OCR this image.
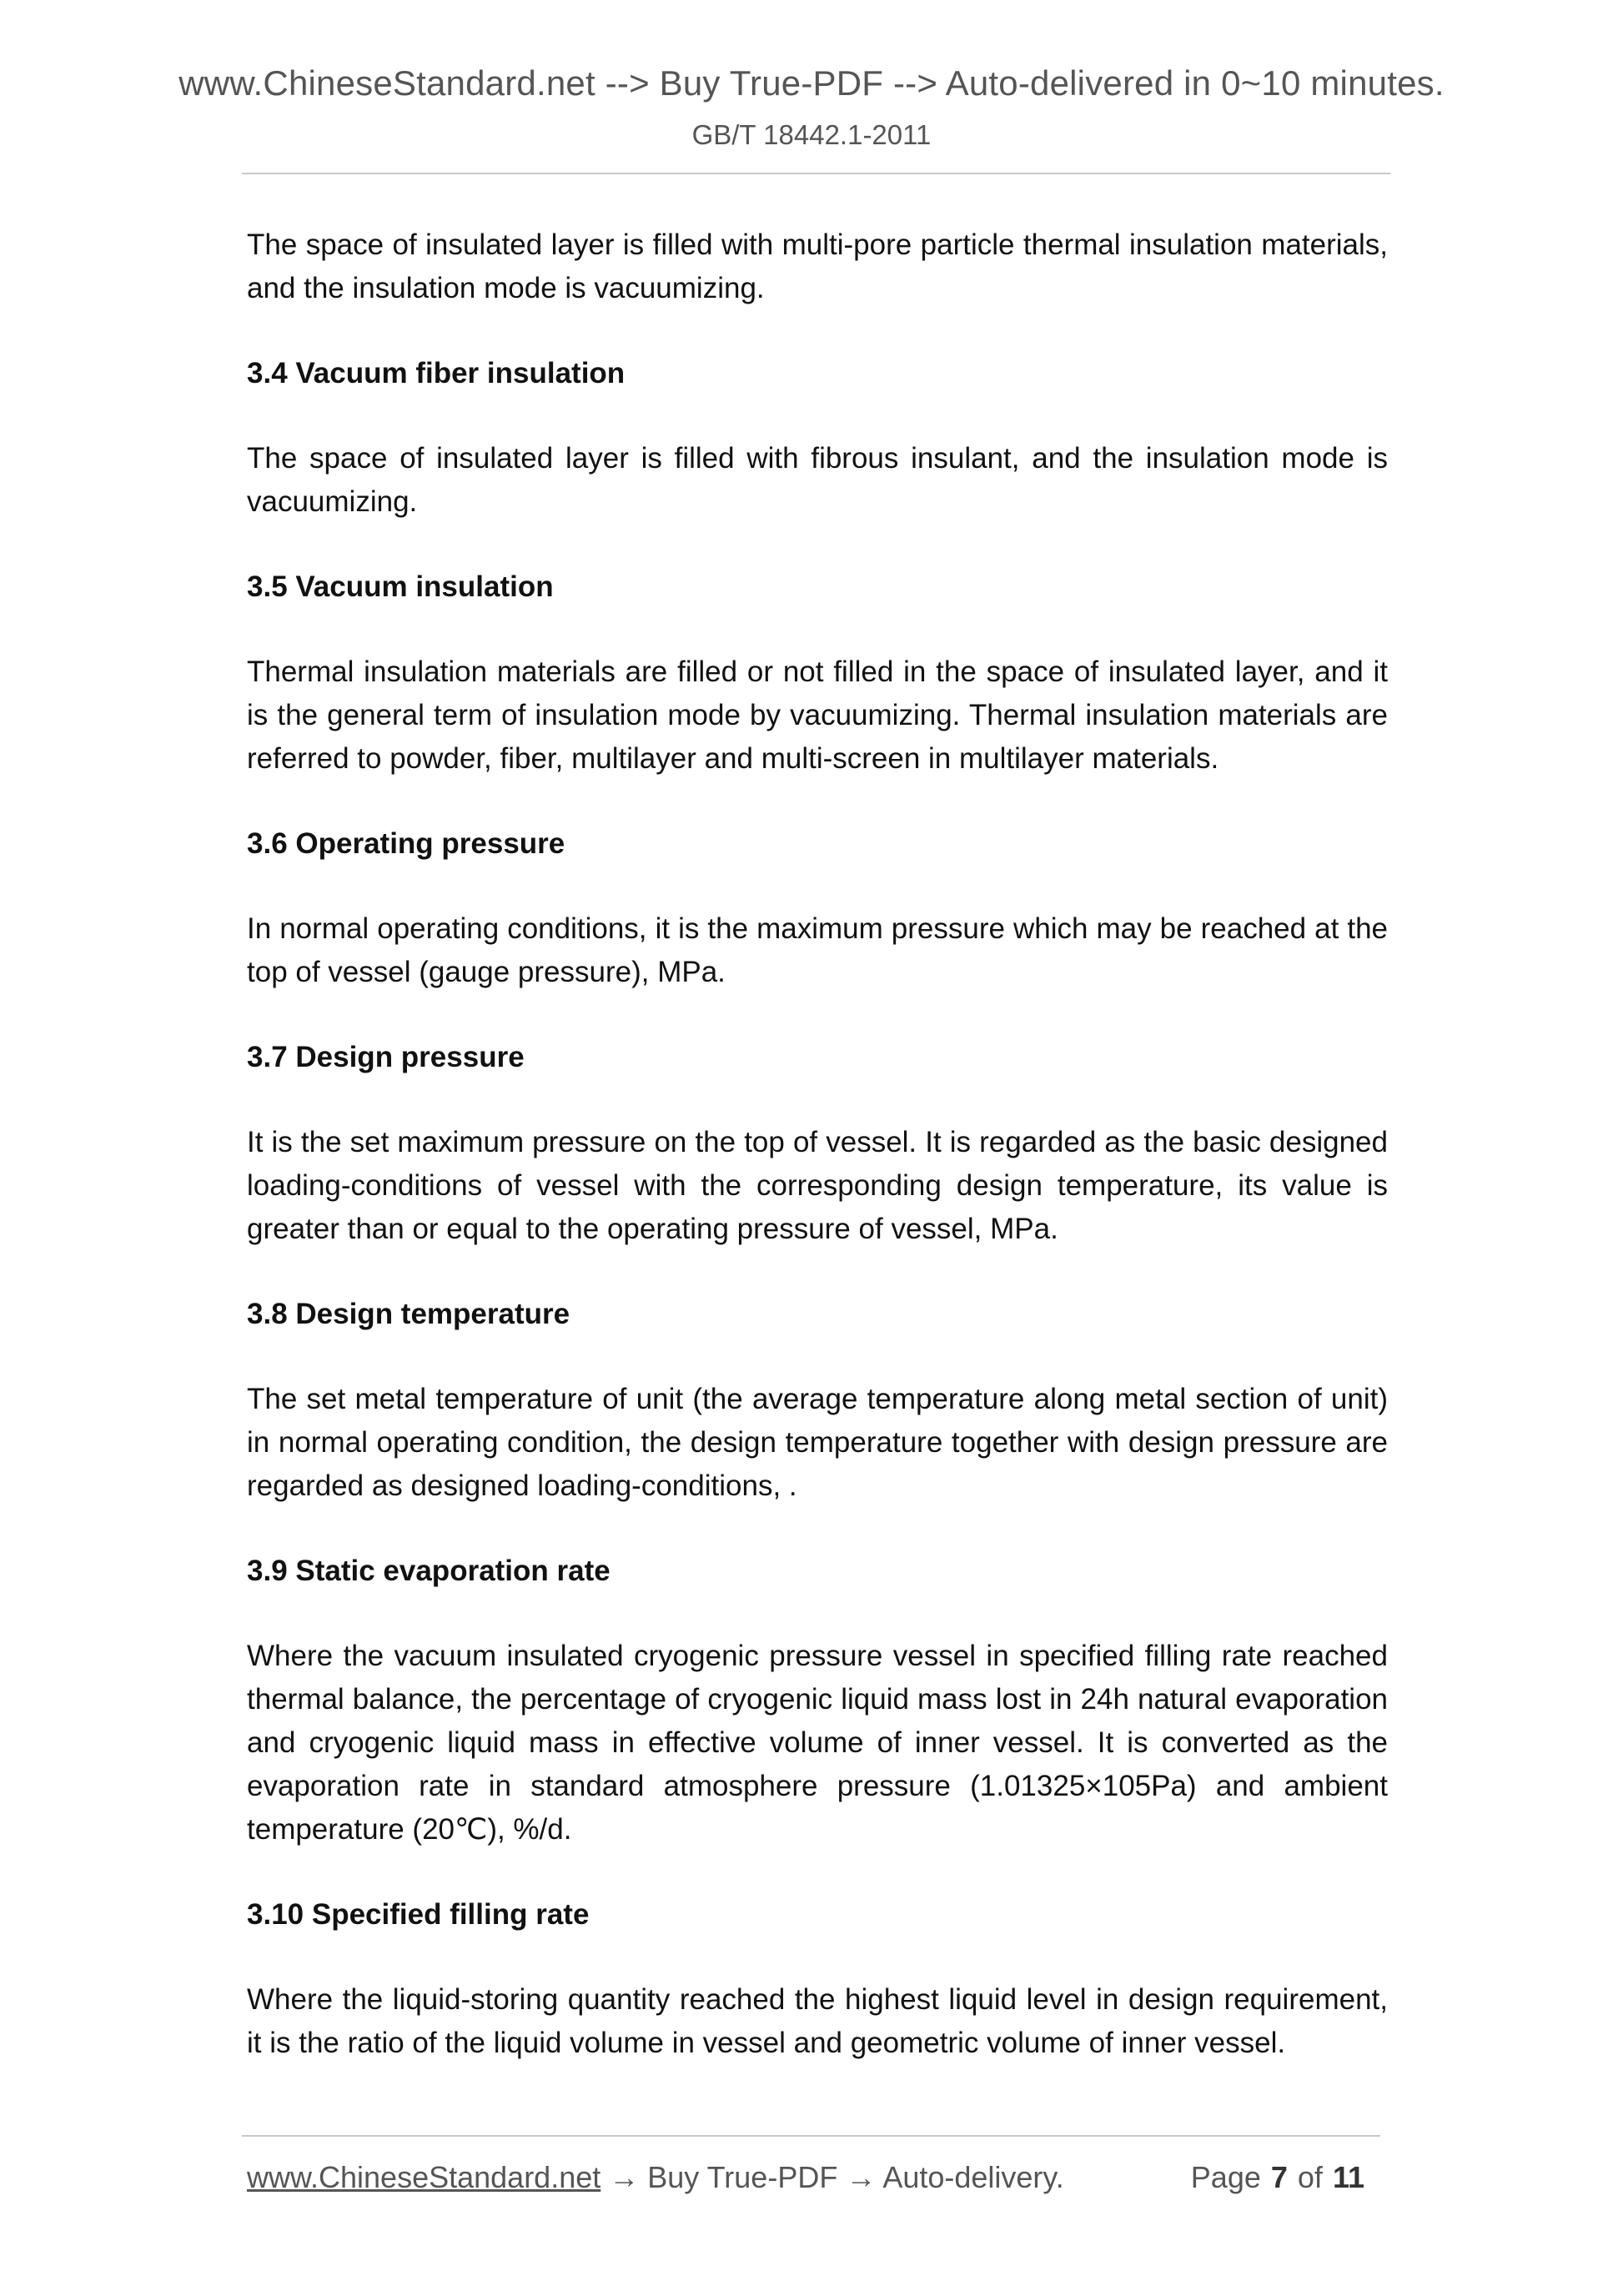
www.ChineseStandard.net --> Buy True-PDF --> Auto-delivered in 0~10 minutes.
GB/T 18442.1-2011

The space of insulated layer is filled with multi-pore particle thermal insulation materials, and the insulation mode is vacuumizing.

3.4 Vacuum fiber insulation

The space of insulated layer is filled with fibrous insulant, and the insulation mode is vacuumizing.

3.5 Vacuum insulation

Thermal insulation materials are filled or not filled in the space of insulated layer, and it is the general term of insulation mode by vacuumizing. Thermal insulation materials are referred to powder, fiber, multilayer and multi-screen in multilayer materials.

3.6 Operating pressure

In normal operating conditions, it is the maximum pressure which may be reached at the top of vessel (gauge pressure), MPa.

3.7 Design pressure

It is the set maximum pressure on the top of vessel. It is regarded as the basic designed loading-conditions of vessel with the corresponding design temperature, its value is greater than or equal to the operating pressure of vessel, MPa.

3.8 Design temperature

The set metal temperature of unit (the average temperature along metal section of unit) in normal operating condition, the design temperature together with design pressure are regarded as designed loading-conditions, .

3.9 Static evaporation rate

Where the vacuum insulated cryogenic pressure vessel in specified filling rate reached thermal balance, the percentage of cryogenic liquid mass lost in 24h natural evaporation and cryogenic liquid mass in effective volume of inner vessel. It is converted as the evaporation rate in standard atmosphere pressure (1.01325×105Pa) and ambient temperature (20℃), %/d.

3.10 Specified filling rate

Where the liquid-storing quantity reached the highest liquid level in design requirement, it is the ratio of the liquid volume in vessel and geometric volume of inner vessel.

www.ChineseStandard.net → Buy True-PDF → Auto-delivery.	Page 7 of 11
